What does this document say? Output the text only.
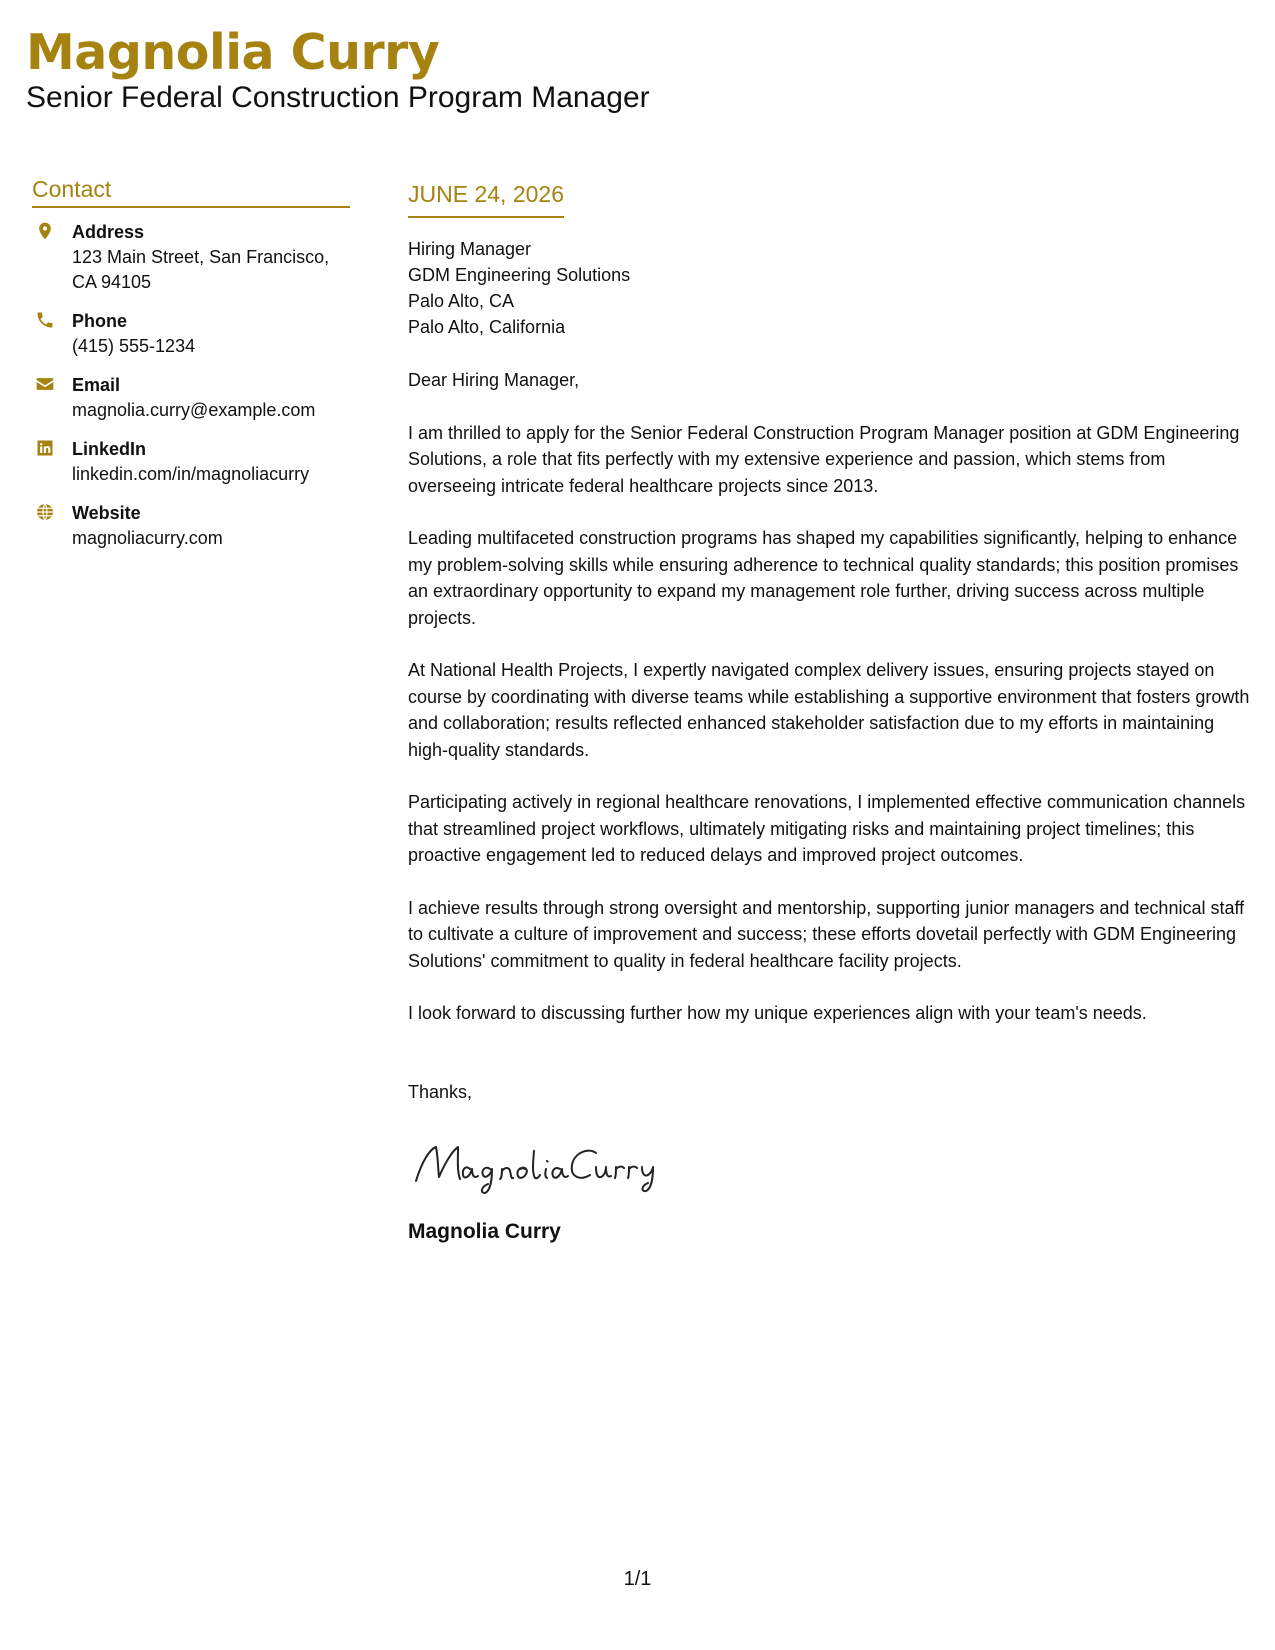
Magnolia Curry
Senior Federal Construction Program Manager
Contact
Address
123 Main Street, San Francisco, CA 94105
Phone
(415) 555-1234
Email
magnolia.curry@example.com
LinkedIn
linkedin.com/in/magnoliacurry
Website
magnoliacurry.com
JUNE 24, 2026
Hiring Manager
GDM Engineering Solutions
Palo Alto, CA
Palo Alto, California
Dear Hiring Manager,
I am thrilled to apply for the Senior Federal Construction Program Manager position at GDM Engineering Solutions, a role that fits perfectly with my extensive experience and passion, which stems from overseeing intricate federal healthcare projects since 2013.
Leading multifaceted construction programs has shaped my capabilities significantly, helping to enhance my problem-solving skills while ensuring adherence to technical quality standards; this position promises an extraordinary opportunity to expand my management role further, driving success across multiple projects.
At National Health Projects, I expertly navigated complex delivery issues, ensuring projects stayed on course by coordinating with diverse teams while establishing a supportive environment that fosters growth and collaboration; results reflected enhanced stakeholder satisfaction due to my efforts in maintaining high-quality standards.
Participating actively in regional healthcare renovations, I implemented effective communication channels that streamlined project workflows, ultimately mitigating risks and maintaining project timelines; this proactive engagement led to reduced delays and improved project outcomes.
I achieve results through strong oversight and mentorship, supporting junior managers and technical staff to cultivate a culture of improvement and success; these efforts dovetail perfectly with GDM Engineering Solutions' commitment to quality in federal healthcare facility projects.
I look forward to discussing further how my unique experiences align with your team's needs.
Thanks,
Magnolia Curry
1/1
